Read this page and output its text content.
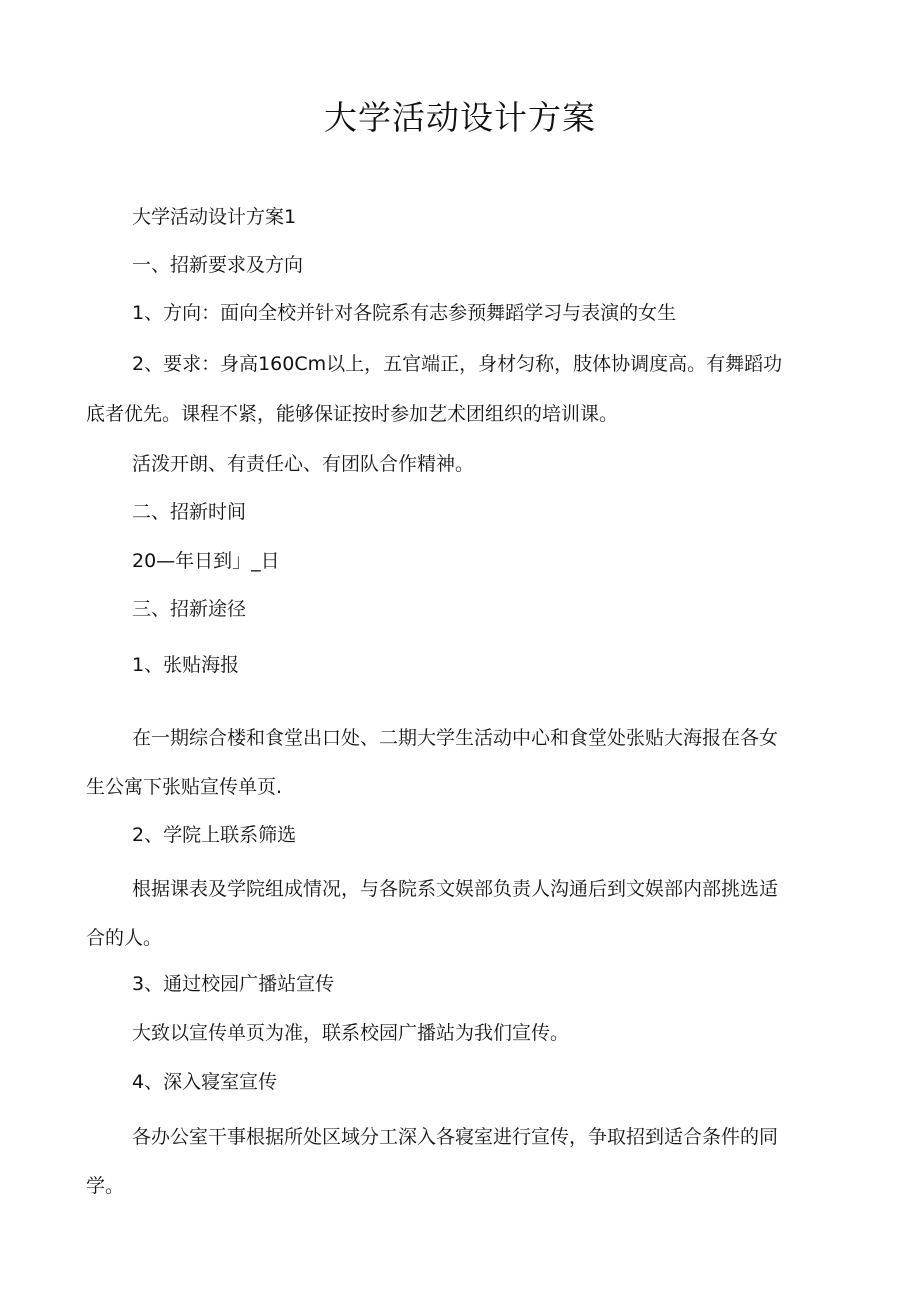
大学活动设计方案
大学活动设计方案1
一、招新要求及方向
1、方向：面向全校并针对各院系有志参预舞蹈学习与表演的女生
2、要求：身高160Cm以上，五官端正，身材匀称，肢体协调度高。有舞蹈功
底者优先。课程不紧，能够保证按时参加艺术团组织的培训课。
活泼开朗、有责任心、有团队合作精神。
二、招新时间
20—年日到」_日
三、招新途径
1、张贴海报
在一期综合楼和食堂出口处、二期大学生活动中心和食堂处张贴大海报在各女
生公寓下张贴宣传单页.
2、学院上联系筛选
根据课表及学院组成情况，与各院系文娱部负责人沟通后到文娱部内部挑选适
合的人。
3、通过校园广播站宣传
大致以宣传单页为准，联系校园广播站为我们宣传。
4、深入寝室宣传
各办公室干事根据所处区域分工深入各寝室进行宣传，争取招到适合条件的同
学。
